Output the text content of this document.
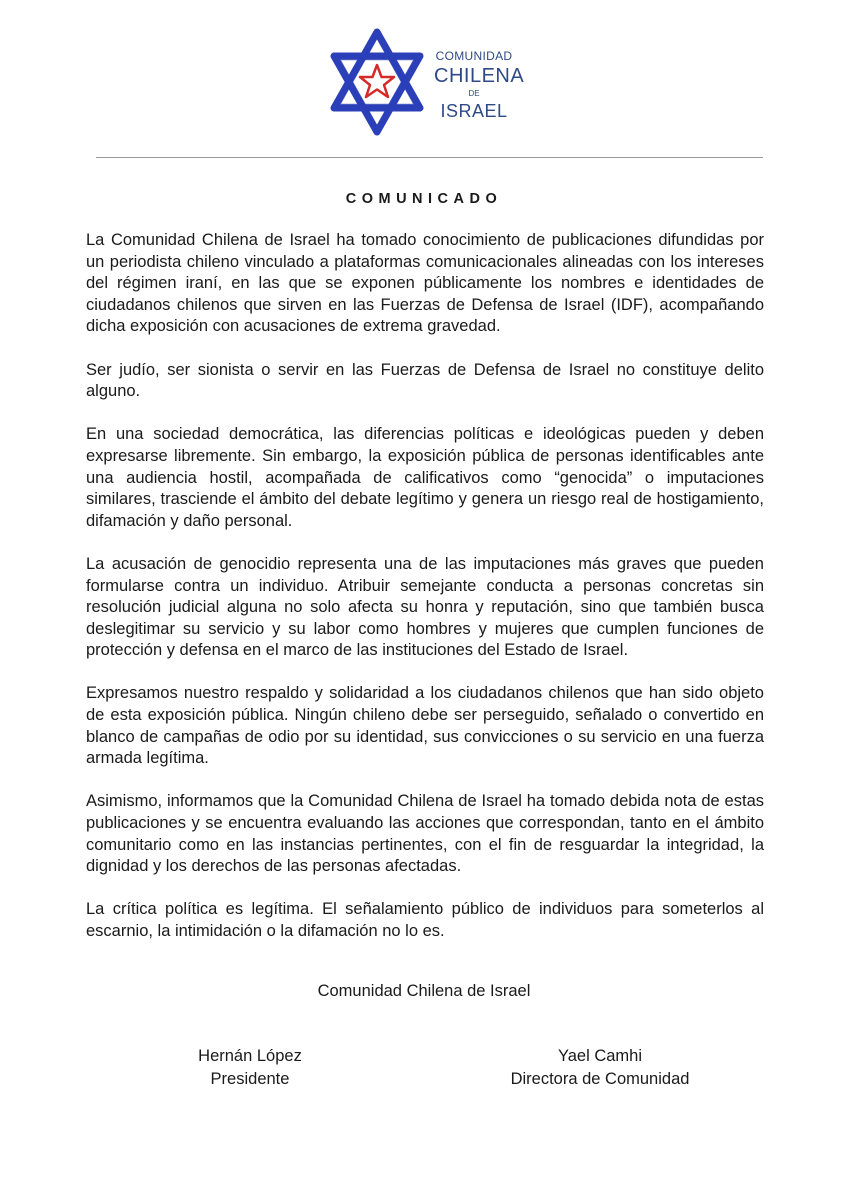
COMUNIDAD
CHILENA
DE
ISRAEL
COMUNICADO

La Comunidad Chilena de Israel ha tomado conocimiento de publicaciones difundidas por un periodista chileno vinculado a plataformas comunicacionales alineadas con los intereses del régimen iraní, en las que se exponen públicamente los nombres e identidades de ciudadanos chilenos que sirven en las Fuerzas de Defensa de Israel (IDF), acompañando dicha exposición con acusaciones de extrema gravedad.

Ser judío, ser sionista o servir en las Fuerzas de Defensa de Israel no constituye delito alguno.

En una sociedad democrática, las diferencias políticas e ideológicas pueden y deben expresarse libremente. Sin embargo, la exposición pública de personas identificables ante una audiencia hostil, acompañada de calificativos como “genocida” o imputaciones similares, trasciende el ámbito del debate legítimo y genera un riesgo real de hostigamiento, difamación y daño personal.

La acusación de genocidio representa una de las imputaciones más graves que pueden formularse contra un individuo. Atribuir semejante conducta a personas concretas sin resolución judicial alguna no solo afecta su honra y reputación, sino que también busca deslegitimar su servicio y su labor como hombres y mujeres que cumplen funciones de protección y defensa en el marco de las instituciones del Estado de Israel.

Expresamos nuestro respaldo y solidaridad a los ciudadanos chilenos que han sido objeto de esta exposición pública. Ningún chileno debe ser perseguido, señalado o convertido en blanco de campañas de odio por su identidad, sus convicciones o su servicio en una fuerza armada legítima.

Asimismo, informamos que la Comunidad Chilena de Israel ha tomado debida nota de estas publicaciones y se encuentra evaluando las acciones que correspondan, tanto en el ámbito comunitario como en las instancias pertinentes, con el fin de resguardar la integridad, la dignidad y los derechos de las personas afectadas.

La crítica política es legítima. El señalamiento público de individuos para someterlos al escarnio, la intimidación o la difamación no lo es.

Comunidad Chilena de Israel
Hernán López
Presidente
Yael Camhi
Directora de Comunidad
